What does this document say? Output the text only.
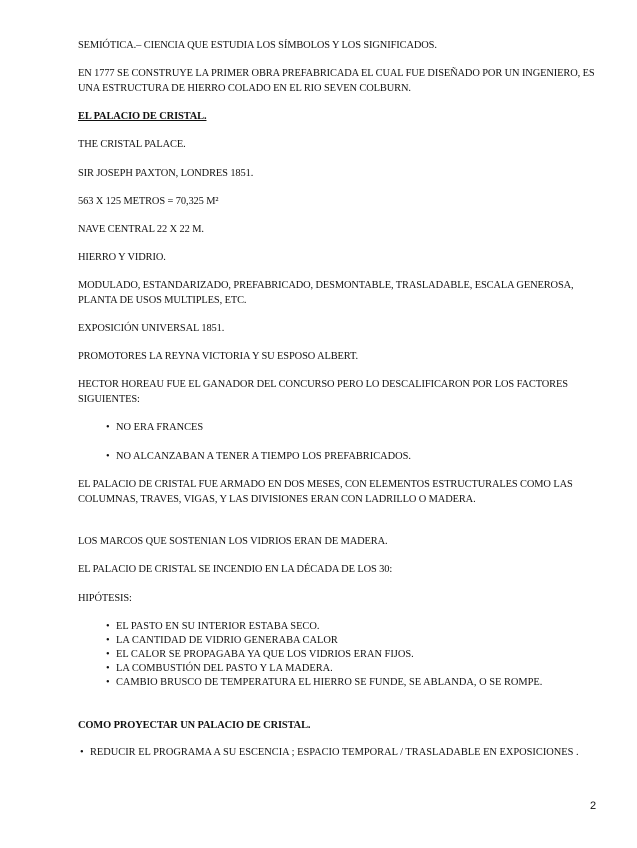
SEMIÓTICA.– CIENCIA QUE ESTUDIA LOS SÍMBOLOS Y LOS SIGNIFICADOS.

EN 1777 SE CONSTRUYE LA PRIMER OBRA PREFABRICADA EL CUAL FUE DISEÑADO POR UN INGENIERO, ES UNA ESTRUCTURA DE HIERRO COLADO EN EL RIO SEVEN COLBURN.

EL PALACIO DE CRISTAL.

THE CRISTAL PALACE.

SIR JOSEPH PAXTON, LONDRES 1851.

563 X 125 METROS = 70,325 M²

NAVE CENTRAL 22 X 22 M.

HIERRO Y VIDRIO.

MODULADO, ESTANDARIZADO, PREFABRICADO, DESMONTABLE, TRASLADABLE, ESCALA GENEROSA, PLANTA DE USOS MULTIPLES, ETC.

EXPOSICIÓN UNIVERSAL 1851.

PROMOTORES LA REYNA VICTORIA Y SU ESPOSO ALBERT.

HECTOR HOREAU FUE EL GANADOR DEL CONCURSO PERO LO DESCALIFICARON POR LOS FACTORES SIGUIENTES:

• NO ERA FRANCES
• NO ALCANZABAN A TENER A TIEMPO LOS PREFABRICADOS.

EL PALACIO DE CRISTAL FUE ARMADO EN DOS MESES, CON ELEMENTOS ESTRUCTURALES COMO LAS COLUMNAS, TRAVES, VIGAS, Y LAS DIVISIONES ERAN CON LADRILLO O MADERA.

LOS MARCOS QUE SOSTENIAN LOS VIDRIOS ERAN DE MADERA.

EL PALACIO DE CRISTAL SE INCENDIO EN LA DÉCADA DE LOS 30:

HIPÓTESIS:

• EL PASTO EN SU INTERIOR ESTABA SECO.
• LA CANTIDAD DE VIDRIO GENERABA CALOR
• EL CALOR SE PROPAGABA YA QUE LOS VIDRIOS ERAN FIJOS.
• LA COMBUSTIÓN DEL PASTO Y LA MADERA.
• CAMBIO BRUSCO DE TEMPERATURA EL HIERRO SE FUNDE, SE ABLANDA, O SE ROMPE.

COMO PROYECTAR UN PALACIO DE CRISTAL.

• REDUCIR EL PROGRAMA A SU ESCENCIA ; ESPACIO TEMPORAL / TRASLADABLE EN EXPOSICIONES .
2
